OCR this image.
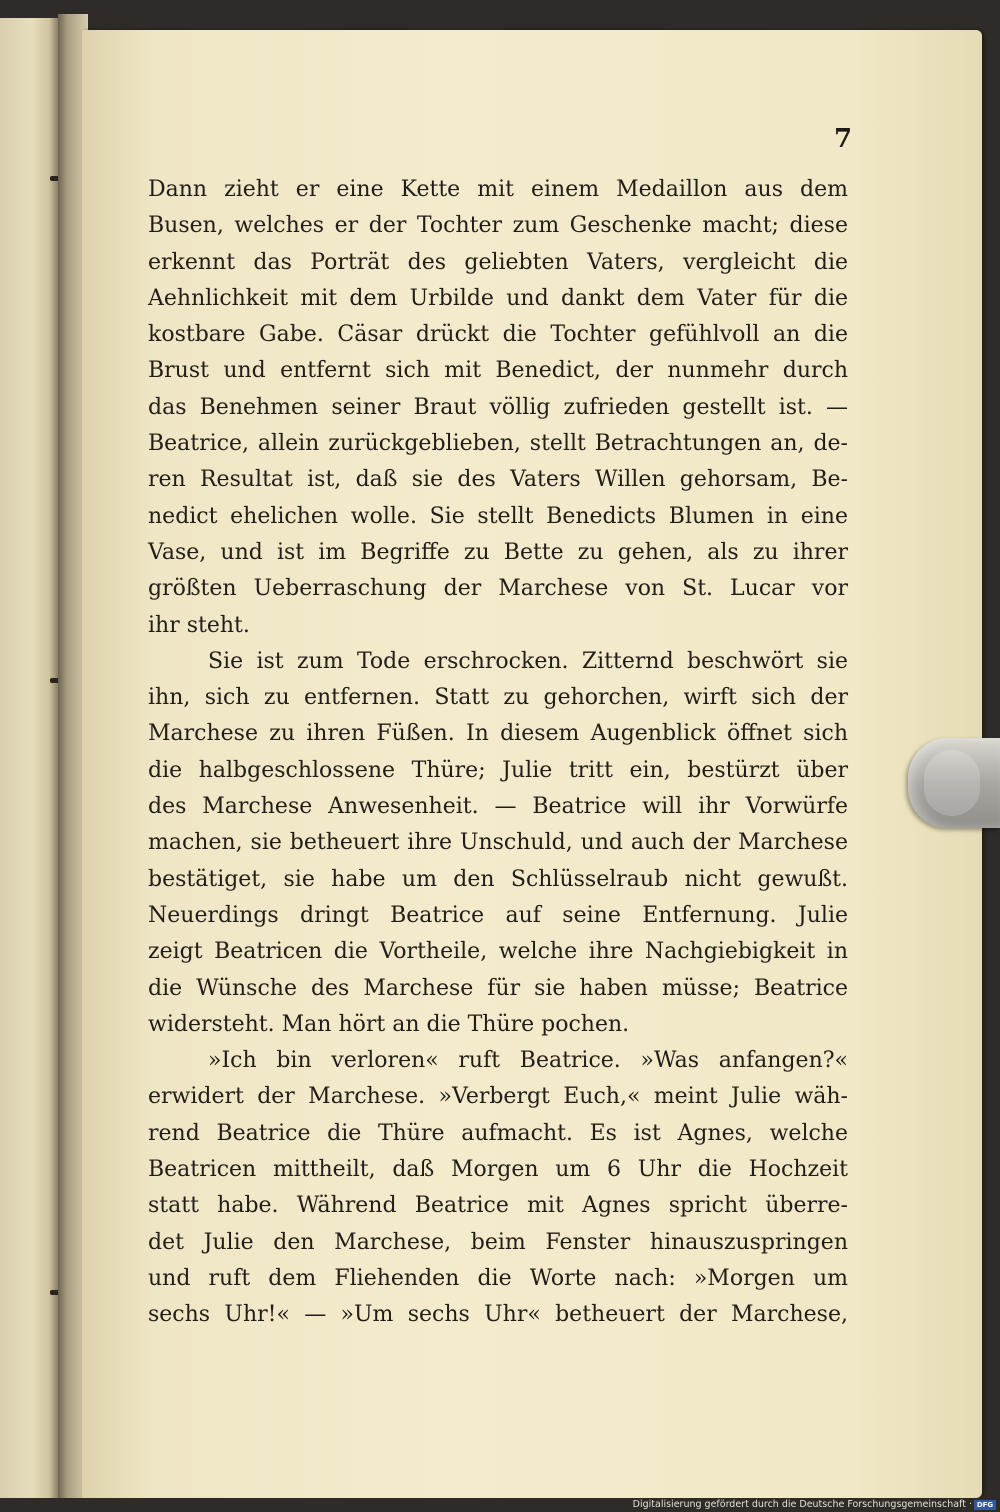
7
Dann zieht er eine Kette mit einem Medaillon aus dem
Busen, welches er der Tochter zum Geschenke macht; diese
erkennt das Porträt des geliebten Vaters, vergleicht die
Aehnlichkeit mit dem Urbilde und dankt dem Vater für die
kostbare Gabe. Cäsar drückt die Tochter gefühlvoll an die
Brust und entfernt sich mit Benedict, der nunmehr durch
das Benehmen seiner Braut völlig zufrieden gestellt ist. —
Beatrice, allein zurückgeblieben, stellt Betrachtungen an, de-
ren Resultat ist, daß sie des Vaters Willen gehorsam, Be-
nedict ehelichen wolle. Sie stellt Benedicts Blumen in eine
Vase, und ist im Begriffe zu Bette zu gehen, als zu ihrer
größten Ueberraschung der Marchese von St. Lucar vor
ihr steht.
Sie ist zum Tode erschrocken. Zitternd beschwört sie
ihn, sich zu entfernen. Statt zu gehorchen, wirft sich der
Marchese zu ihren Füßen. In diesem Augenblick öffnet sich
die halbgeschlossene Thüre; Julie tritt ein, bestürzt über
des Marchese Anwesenheit. — Beatrice will ihr Vorwürfe
machen, sie betheuert ihre Unschuld, und auch der Marchese
bestätiget, sie habe um den Schlüsselraub nicht gewußt.
Neuerdings dringt Beatrice auf seine Entfernung. Julie
zeigt Beatricen die Vortheile, welche ihre Nachgiebigkeit in
die Wünsche des Marchese für sie haben müsse; Beatrice
widersteht. Man hört an die Thüre pochen.
»Ich bin verloren« ruft Beatrice. »Was anfangen?«
erwidert der Marchese. »Verbergt Euch,« meint Julie wäh-
rend Beatrice die Thüre aufmacht. Es ist Agnes, welche
Beatricen mittheilt, daß Morgen um 6 Uhr die Hochzeit
statt habe. Während Beatrice mit Agnes spricht überre-
det Julie den Marchese, beim Fenster hinauszuspringen
und ruft dem Fliehenden die Worte nach: »Morgen um
sechs Uhr!« — »Um sechs Uhr« betheuert der Marchese,
Digitalisierung gefördert durch die Deutsche Forschungsgemeinschaft · DFG
